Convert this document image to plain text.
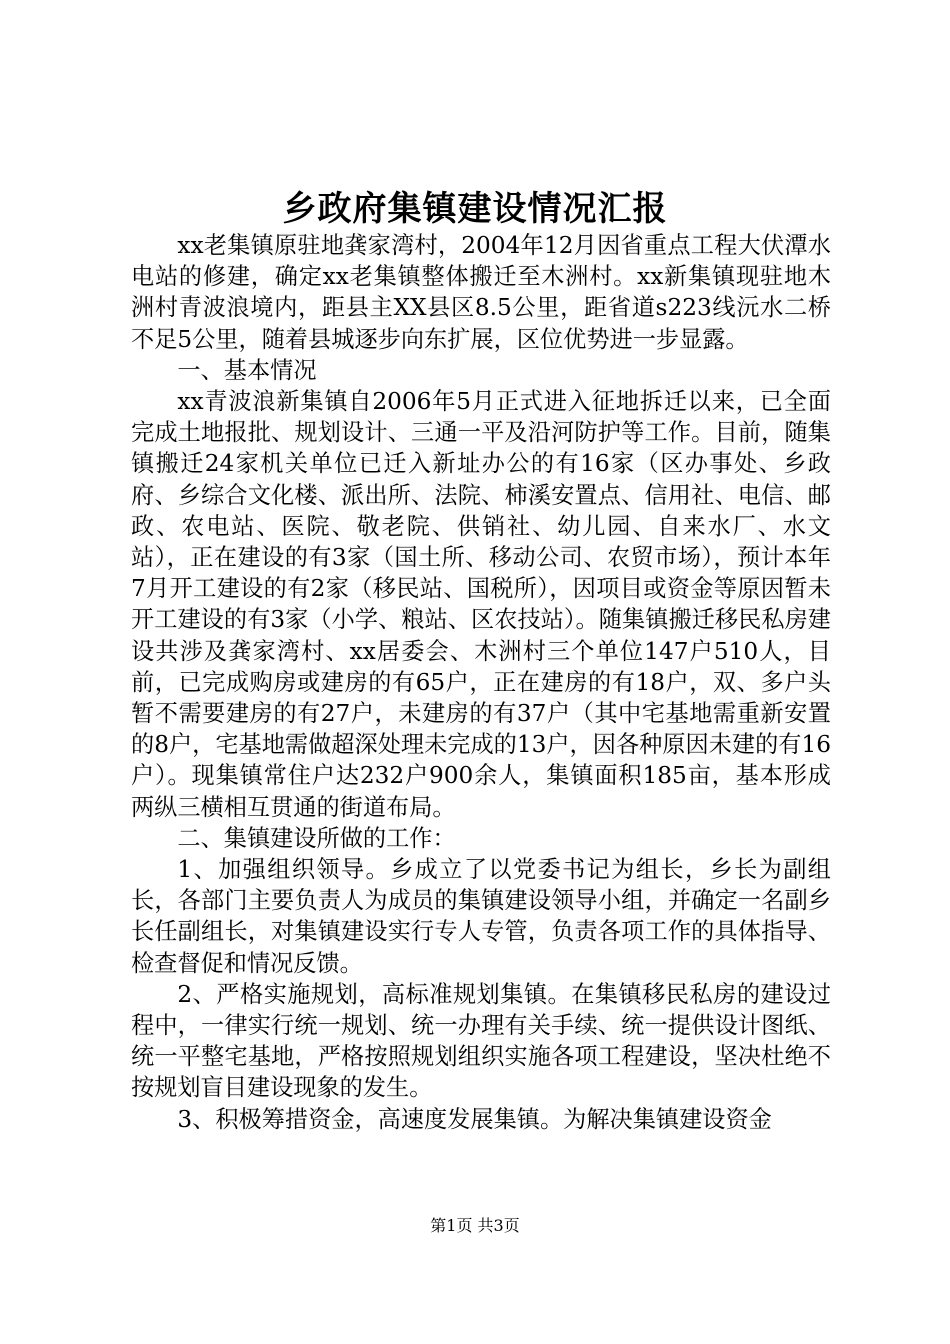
乡政府集镇建设情况汇报

xx老集镇原驻地龚家湾村，2004年12月因省重点工程大伏潭水电站的修建，确定xx老集镇整体搬迁至木洲村。xx新集镇现驻地木洲村青波浪境内，距县主XX县区8.5公里，距省道s223线沅水二桥不足5公里，随着县城逐步向东扩展，区位优势进一步显露。

一、基本情况

xx青波浪新集镇自2006年5月正式进入征地拆迁以来，已全面完成土地报批、规划设计、三通一平及沿河防护等工作。目前，随集镇搬迁24家机关单位已迁入新址办公的有16家（区办事处、乡政府、乡综合文化楼、派出所、法院、柿溪安置点、信用社、电信、邮政、农电站、医院、敬老院、供销社、幼儿园、自来水厂、水文站），正在建设的有3家（国土所、移动公司、农贸市场），预计本年7月开工建设的有2家（移民站、国税所），因项目或资金等原因暂未开工建设的有3家（小学、粮站、区农技站）。随集镇搬迁移民私房建设共涉及龚家湾村、xx居委会、木洲村三个单位147户510人，目前，已完成购房或建房的有65户，正在建房的有18户，双、多户头暂不需要建房的有27户，未建房的有37户（其中宅基地需重新安置的8户，宅基地需做超深处理未完成的13户，因各种原因未建的有16户）。现集镇常住户达232户900余人，集镇面积185亩，基本形成两纵三横相互贯通的街道布局。

二、集镇建设所做的工作：

1、加强组织领导。乡成立了以党委书记为组长，乡长为副组长，各部门主要负责人为成员的集镇建设领导小组，并确定一名副乡长任副组长，对集镇建设实行专人专管，负责各项工作的具体指导、检查督促和情况反馈。

2、严格实施规划，高标准规划集镇。在集镇移民私房的建设过程中，一律实行统一规划、统一办理有关手续、统一提供设计图纸、统一平整宅基地，严格按照规划组织实施各项工程建设，坚决杜绝不按规划盲目建设现象的发生。

3、积极筹措资金，高速度发展集镇。为解决集镇建设资金

第1页 共3页
